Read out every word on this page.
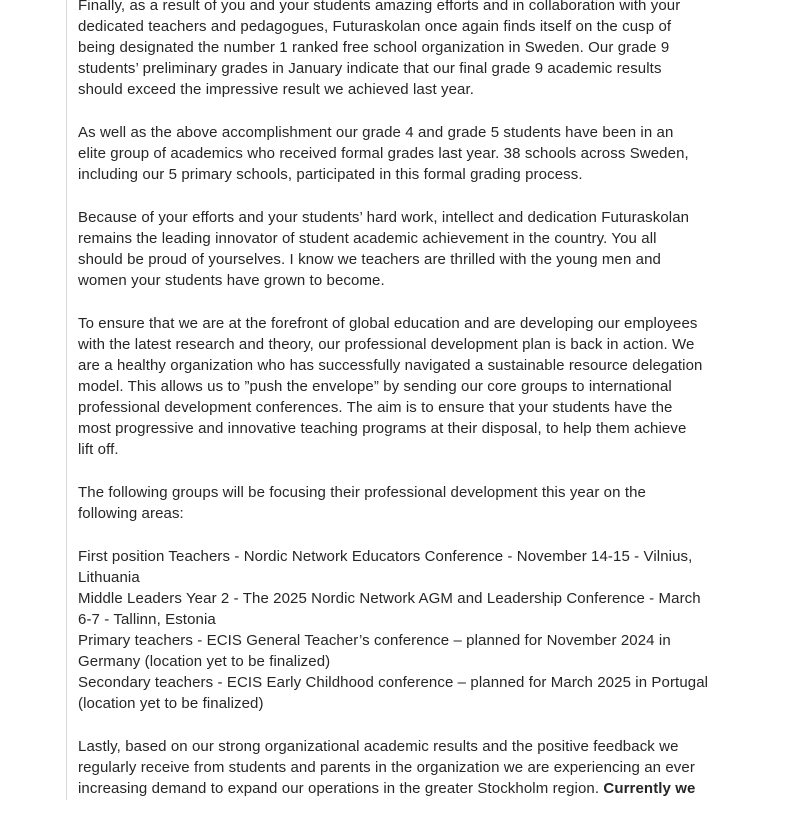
Finally, as a result of you and your students amazing efforts and in collaboration with your
dedicated teachers and pedagogues, Futuraskolan once again finds itself on the cusp of
being designated the number 1 ranked free school organization in Sweden. Our grade 9
students’ preliminary grades in January indicate that our final grade 9 academic results
should exceed the impressive result we achieved last year.
As well as the above accomplishment our grade 4 and grade 5 students have been in an
elite group of academics who received formal grades last year. 38 schools across Sweden,
including our 5 primary schools, participated in this formal grading process.
Because of your efforts and your students’ hard work, intellect and dedication Futuraskolan
remains the leading innovator of student academic achievement in the country. You all
should be proud of yourselves. I know we teachers are thrilled with the young men and
women your students have grown to become.
To ensure that we are at the forefront of global education and are developing our employees
with the latest research and theory, our professional development plan is back in action. We
are a healthy organization who has successfully navigated a sustainable resource delegation
model. This allows us to ”push the envelope” by sending our core groups to international
professional development conferences. The aim is to ensure that your students have the
most progressive and innovative teaching programs at their disposal, to help them achieve
lift off.
The following groups will be focusing their professional development this year on the
following areas:
First position Teachers - Nordic Network Educators Conference - November 14-15 - Vilnius,
Lithuania
Middle Leaders Year 2 - The 2025 Nordic Network AGM and Leadership Conference - March
6-7 - Tallinn, Estonia
Primary teachers - ECIS General Teacher’s conference – planned for November 2024 in
Germany (location yet to be finalized)
Secondary teachers - ECIS Early Childhood conference – planned for March 2025 in Portugal
(location yet to be finalized)
Lastly, based on our strong organizational academic results and the positive feedback we
regularly receive from students and parents in the organization we are experiencing an ever
increasing demand to expand our operations in the greater Stockholm region. Currently we
